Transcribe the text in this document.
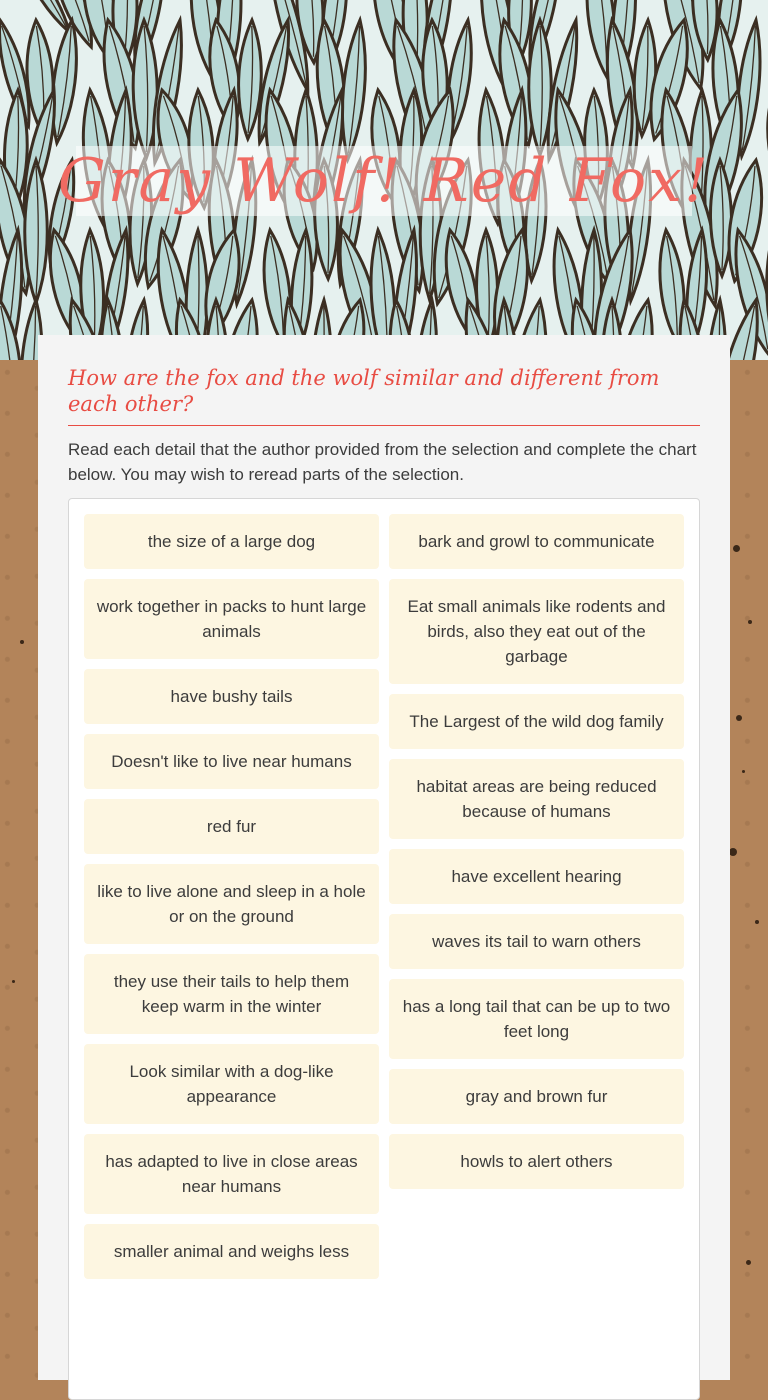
Gray Wolf! Red Fox!
How are the fox and the wolf similar and different from each other?
Read each detail that the author provided from the selection and complete the chart below. You may wish to reread parts of the selection.
the size of a large dog
work together in packs to hunt large animals
have bushy tails
Doesn't like to live near humans
red fur
like to live alone and sleep in a hole or on the ground
they use their tails to help them keep warm in the winter
Look similar with a dog-like appearance
has adapted to live in close areas near humans
smaller animal and weighs less
bark and growl to communicate
Eat small animals like rodents and birds, also they eat out of the garbage
The Largest of the wild dog family
habitat areas are being reduced because of humans
have excellent hearing
waves its tail to warn others
has a long tail that can be up to two feet long
gray and brown fur
howls to alert others
